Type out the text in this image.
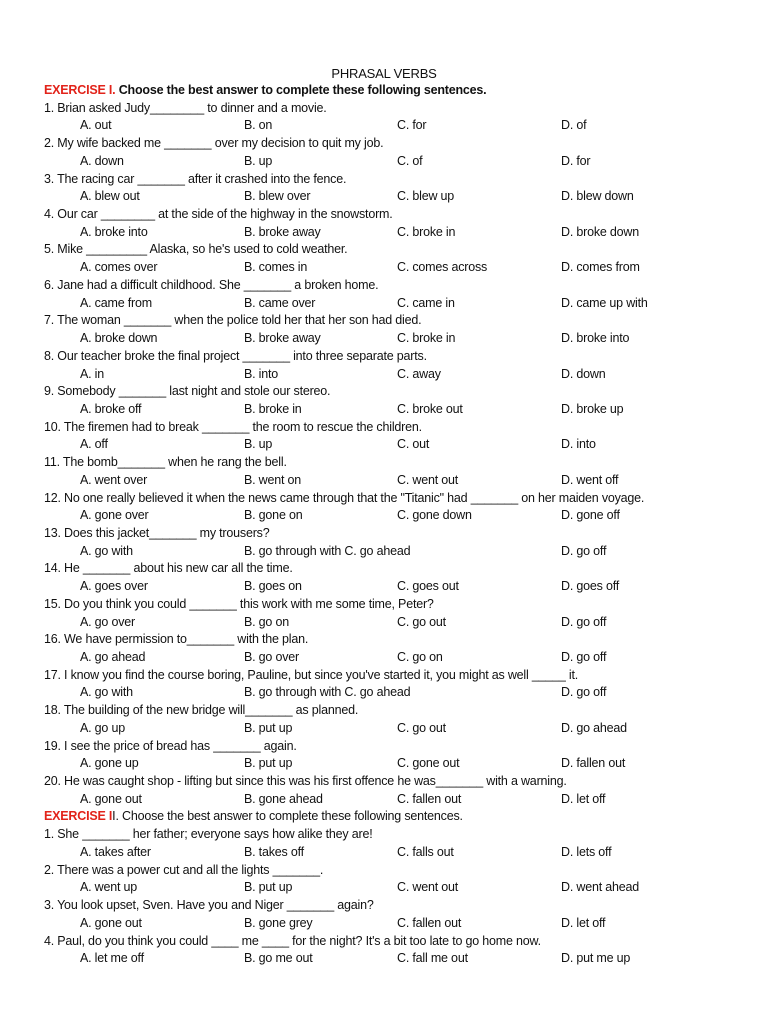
PHRASAL VERBS
EXERCISE I. Choose the best answer to complete these following sentences.
1. Brian asked Judy________ to dinner and a movie.
A. out	B. on	C. for	D. of
2. My wife backed me _______ over my decision to quit my job.
A. down	B. up	C. of	D. for
3. The racing car _______ after it crashed into the fence.
A. blew out	B. blew over	C. blew up	D. blew down
4. Our car ________ at the side of the highway in the snowstorm.
A. broke into	B. broke away	C. broke in	D. broke down
5. Mike _________ Alaska, so he's used to cold weather.
A. comes over	B. comes in	C. comes across	D. comes from
6. Jane had a difficult childhood. She _______ a broken home.
A. came from	B. came over	C. came in	D. came up with
7. The woman _______ when the police told her that her son had died.
A. broke down	B. broke away	C. broke in	D. broke into
8. Our teacher broke the final project _______ into three separate parts.
A. in	B. into	C. away	D. down
9. Somebody _______ last night and stole our stereo.
A. broke off	B. broke in	C. broke out	D. broke up
10. The firemen had to break _______ the room to rescue the children.
A. off	B. up	C. out	D. into
11. The bomb_______ when he rang the bell.
A. went over	B. went on	C. went out	D. went off
12. No one really believed it when the news came through that the "Titanic" had _______ on her maiden voyage.
A. gone over	B. gone on	C. gone down	D. gone off
13. Does this jacket_______ my trousers?
A. go with	B. go through with C. go ahead	D. go off
14. He _______ about his new car all the time.
A. goes over	B. goes on	C. goes out	D. goes off
15. Do you think you could _______ this work with me some time, Peter?
A. go over	B. go on	C. go out	D. go off
16. We have permission to_______ with the plan.
A. go ahead	B. go over	C. go on	D. go off
17. I know you find the course boring, Pauline, but since you've started it, you might as well _____ it.
A. go with	B. go through with C. go ahead	D. go off
18. The building of the new bridge will_______ as planned.
A. go up	B. put up	C. go out	D. go ahead
19. I see the price of bread has _______ again.
A. gone up	B. put up	C. gone out	D. fallen out
20. He was caught shop - lifting but since this was his first offence he was_______ with a warning.
A. gone out	B. gone ahead	C. fallen out	D. let off
EXERCISE II. Choose the best answer to complete these following sentences.
1. She _______ her father; everyone says how alike they are!
A. takes after	B. takes off	C. falls out	D. lets off
2. There was a power cut and all the lights _______.
A. went up	B. put up	C. went out	D. went ahead
3. You look upset, Sven. Have you and Niger _______ again?
A. gone out	B. gone grey	C. fallen out	D. let off
4. Paul, do you think you could ____ me ____ for the night? It's a bit too late to go home now.
A. let me off	B. go me out	C. fall me out	D. put me up
